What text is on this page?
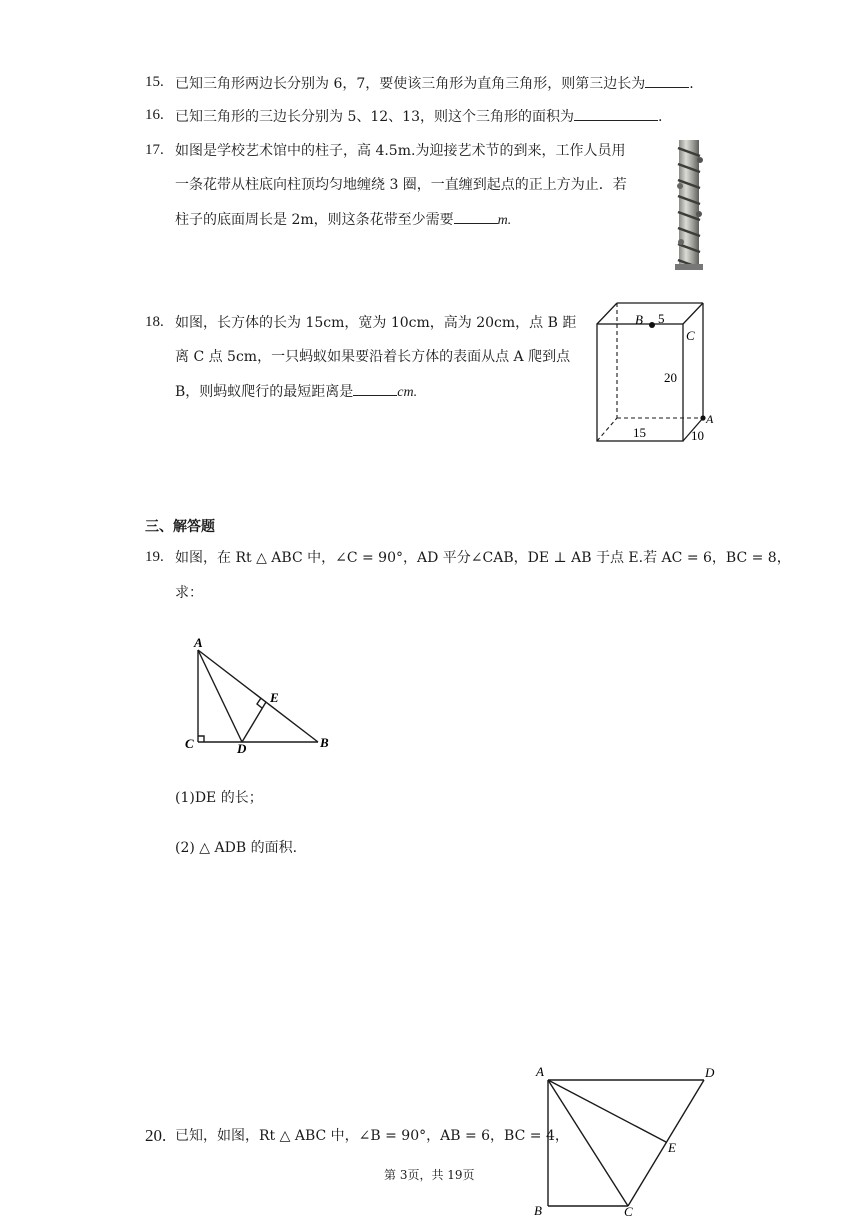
15. 已知三角形两边长分别为 6，7，要使该三角形为直角三角形，则第三边长为	.
16. 已知三角形的三边长分别为 5、12、13，则这个三角形的面积为	.
17. 如图是学校艺术馆中的柱子，高 4.5m.为迎接艺术节的到来，工作人员用
一条花带从柱底向柱顶均匀地缠绕 3 圈，一直缠到起点的正上方为止．若
柱子的底面周长是 2m，则这条花带至少需要	m.
18. 如图，长方体的长为 15cm，宽为 10cm，高为 20cm，点 B 距
离 C 点 5cm，一只蚂蚁如果要沿着长方体的表面从点 A 爬到点
B，则蚂蚁爬行的最短距离是	cm.
B 5
C
20
A
15	10
三、解答题
19. 如图，在 Rt △ ABC 中，∠C = 90°，AD 平分∠CAB，DE ⊥ AB 于点 E.若 AC = 6，BC = 8，
求：
A
E
C	D	B
(1)DE 的长；
(2) △ ADB 的面积.
20. 已知，如图，Rt △ ABC 中，∠B = 90°，AB = 6，BC = 4，
A	D
E
B	C
第 3页，共 19页
